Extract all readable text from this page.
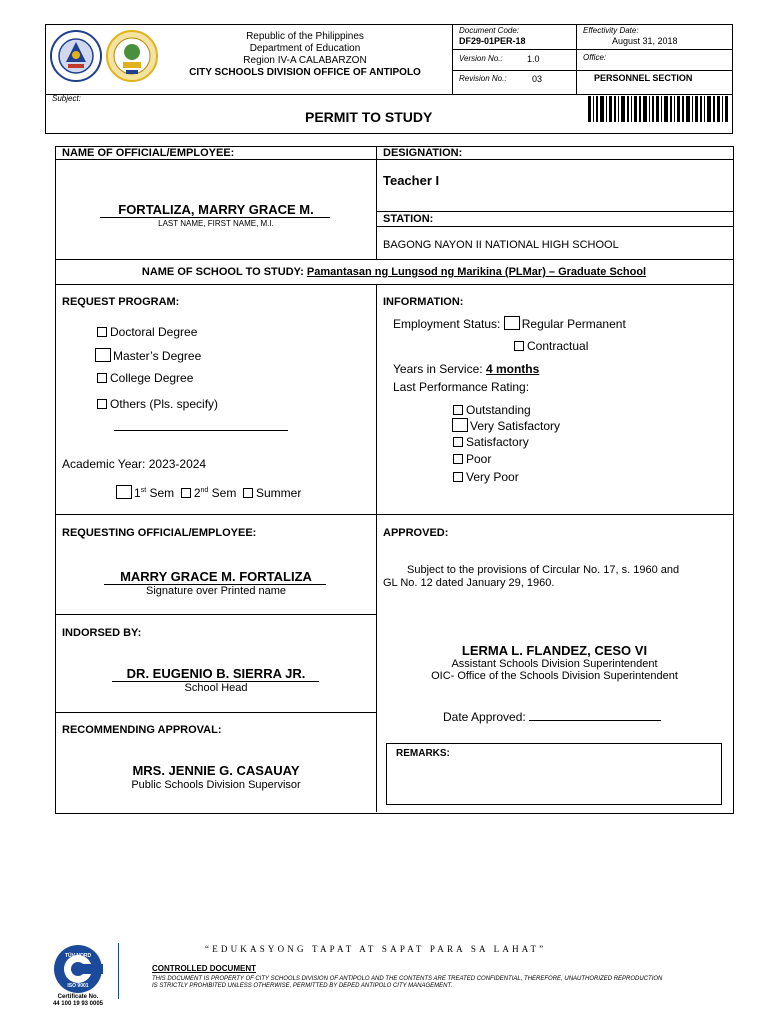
Republic of the Philippines
Department of Education
Region IV-A CALABARZON
CITY SCHOOLS DIVISION OFFICE OF ANTIPOLO
Document Code:
DF29-01PER-18
Effectivity Date:
August 31, 2018
Version No.:	1.0	Office:
PERSONNEL SECTION
Revision No.:	03
Subject:
PERMIT TO STUDY
NAME OF OFFICIAL/EMPLOYEE:	DESIGNATION:
FORTALIZA, MARRY GRACE M.
LAST NAME, FIRST NAME, M.I.
Teacher I
STATION:
BAGONG NAYON II NATIONAL HIGH SCHOOL
NAME OF SCHOOL TO STUDY: Pamantasan ng Lungsod ng Marikina (PLMar) – Graduate School
REQUEST PROGRAM:
Doctoral Degree
Master’s Degree
College Degree
Others (Pls. specify)
Academic Year: 2023-2024
1st Sem 2nd Sem Summer
INFORMATION:
Employment Status: Regular Permanent
Contractual
Years in Service: 4 months
Last Performance Rating:
Outstanding
Very Satisfactory
Satisfactory
Poor
Very Poor
REQUESTING OFFICIAL/EMPLOYEE:
MARRY GRACE M. FORTALIZA
Signature over Printed name
INDORSED BY:
DR. EUGENIO B. SIERRA JR.
School Head
RECOMMENDING APPROVAL:
MRS. JENNIE G. CASAUAY
Public Schools Division Supervisor
APPROVED:
Subject to the provisions of Circular No. 17, s. 1960 and
GL No. 12 dated January 29, 1960.
LERMA L. FLANDEZ, CESO VI
Assistant Schools Division Superintendent
OIC- Office of the Schools Division Superintendent
Date Approved:
REMARKS:
TÜV NORD
ISO 9001
Certificate No.
44 100 19 93 0005
“EDUKASYONG TAPAT AT SAPAT PARA SA LAHAT”
CONTROLLED DOCUMENT
THIS DOCUMENT IS PROPERTY OF CITY SCHOOLS DIVISION OF ANTIPOLO AND THE CONTENTS ARE TREATED CONFIDENTIAL, THEREFORE, UNAUTHORIZED REPRODUCTION
IS STRICTLY PROHIBITED UNLESS OTHERWISE, PERMITTED BY DEPED ANTIPOLO CITY MANAGEMENT.
